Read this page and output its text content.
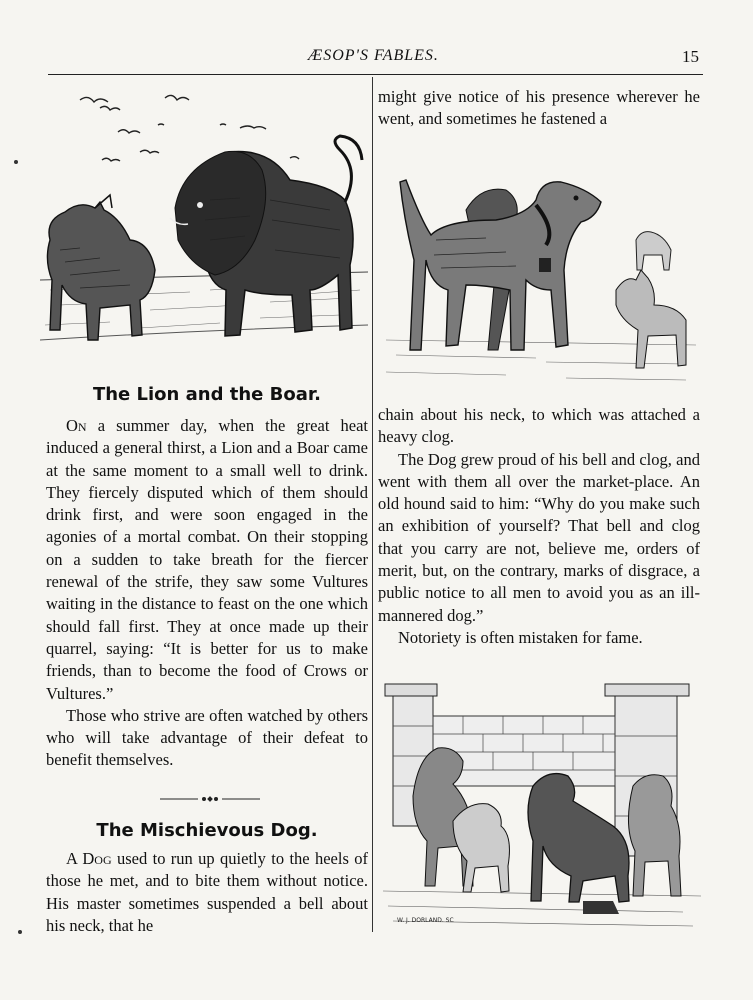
ÆSOP'S FABLES.	15
The Lion and the Boar.

On a summer day, when the great heat induced a general thirst, a Lion and a Boar came at the same moment to a small well to drink. They fiercely disputed which of them should drink first, and were soon engaged in the agonies of a mortal combat. On their stopping on a sudden to take breath for the fiercer renewal of the strife, they saw some Vultures waiting in the distance to feast on the one which should fall first. They at once made up their quarrel, saying: “It is better for us to make friends, than to become the food of Crows or Vultures.”

Those who strive are often watched by others who will take advantage of their defeat to benefit themselves.

The Mischievous Dog.

A Dog used to run up quietly to the heels of those he met, and to bite them without notice. His master sometimes suspended a bell about his neck, that he

might give notice of his presence wherever he went, and sometimes he fastened a

chain about his neck, to which was attached a heavy clog.

The Dog grew proud of his bell and clog, and went with them all over the market-place. An old hound said to him: “Why do you make such an exhibition of yourself? That bell and clog that you carry are not, believe me, orders of merit, but, on the contrary, marks of disgrace, a public notice to all men to avoid you as an ill-mannered dog.”

Notoriety is often mistaken for fame.

W. J. DORLAND. SC
